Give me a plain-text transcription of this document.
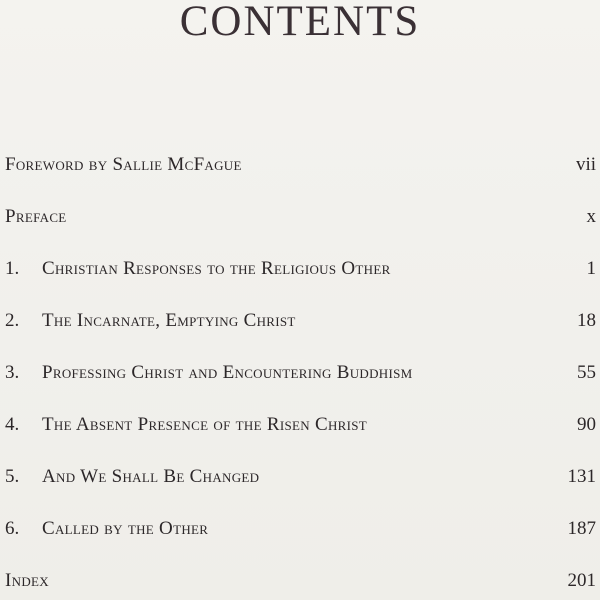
CONTENTS
Foreword by Sallie McFague	vii
Preface	x
1.	Christian Responses to the Religious Other	1
2.	The Incarnate, Emptying Christ	18
3.	Professing Christ and Encountering Buddhism	55
4.	The Absent Presence of the Risen Christ	90
5.	And We Shall Be Changed	131
6.	Called by the Other	187
Index	201
